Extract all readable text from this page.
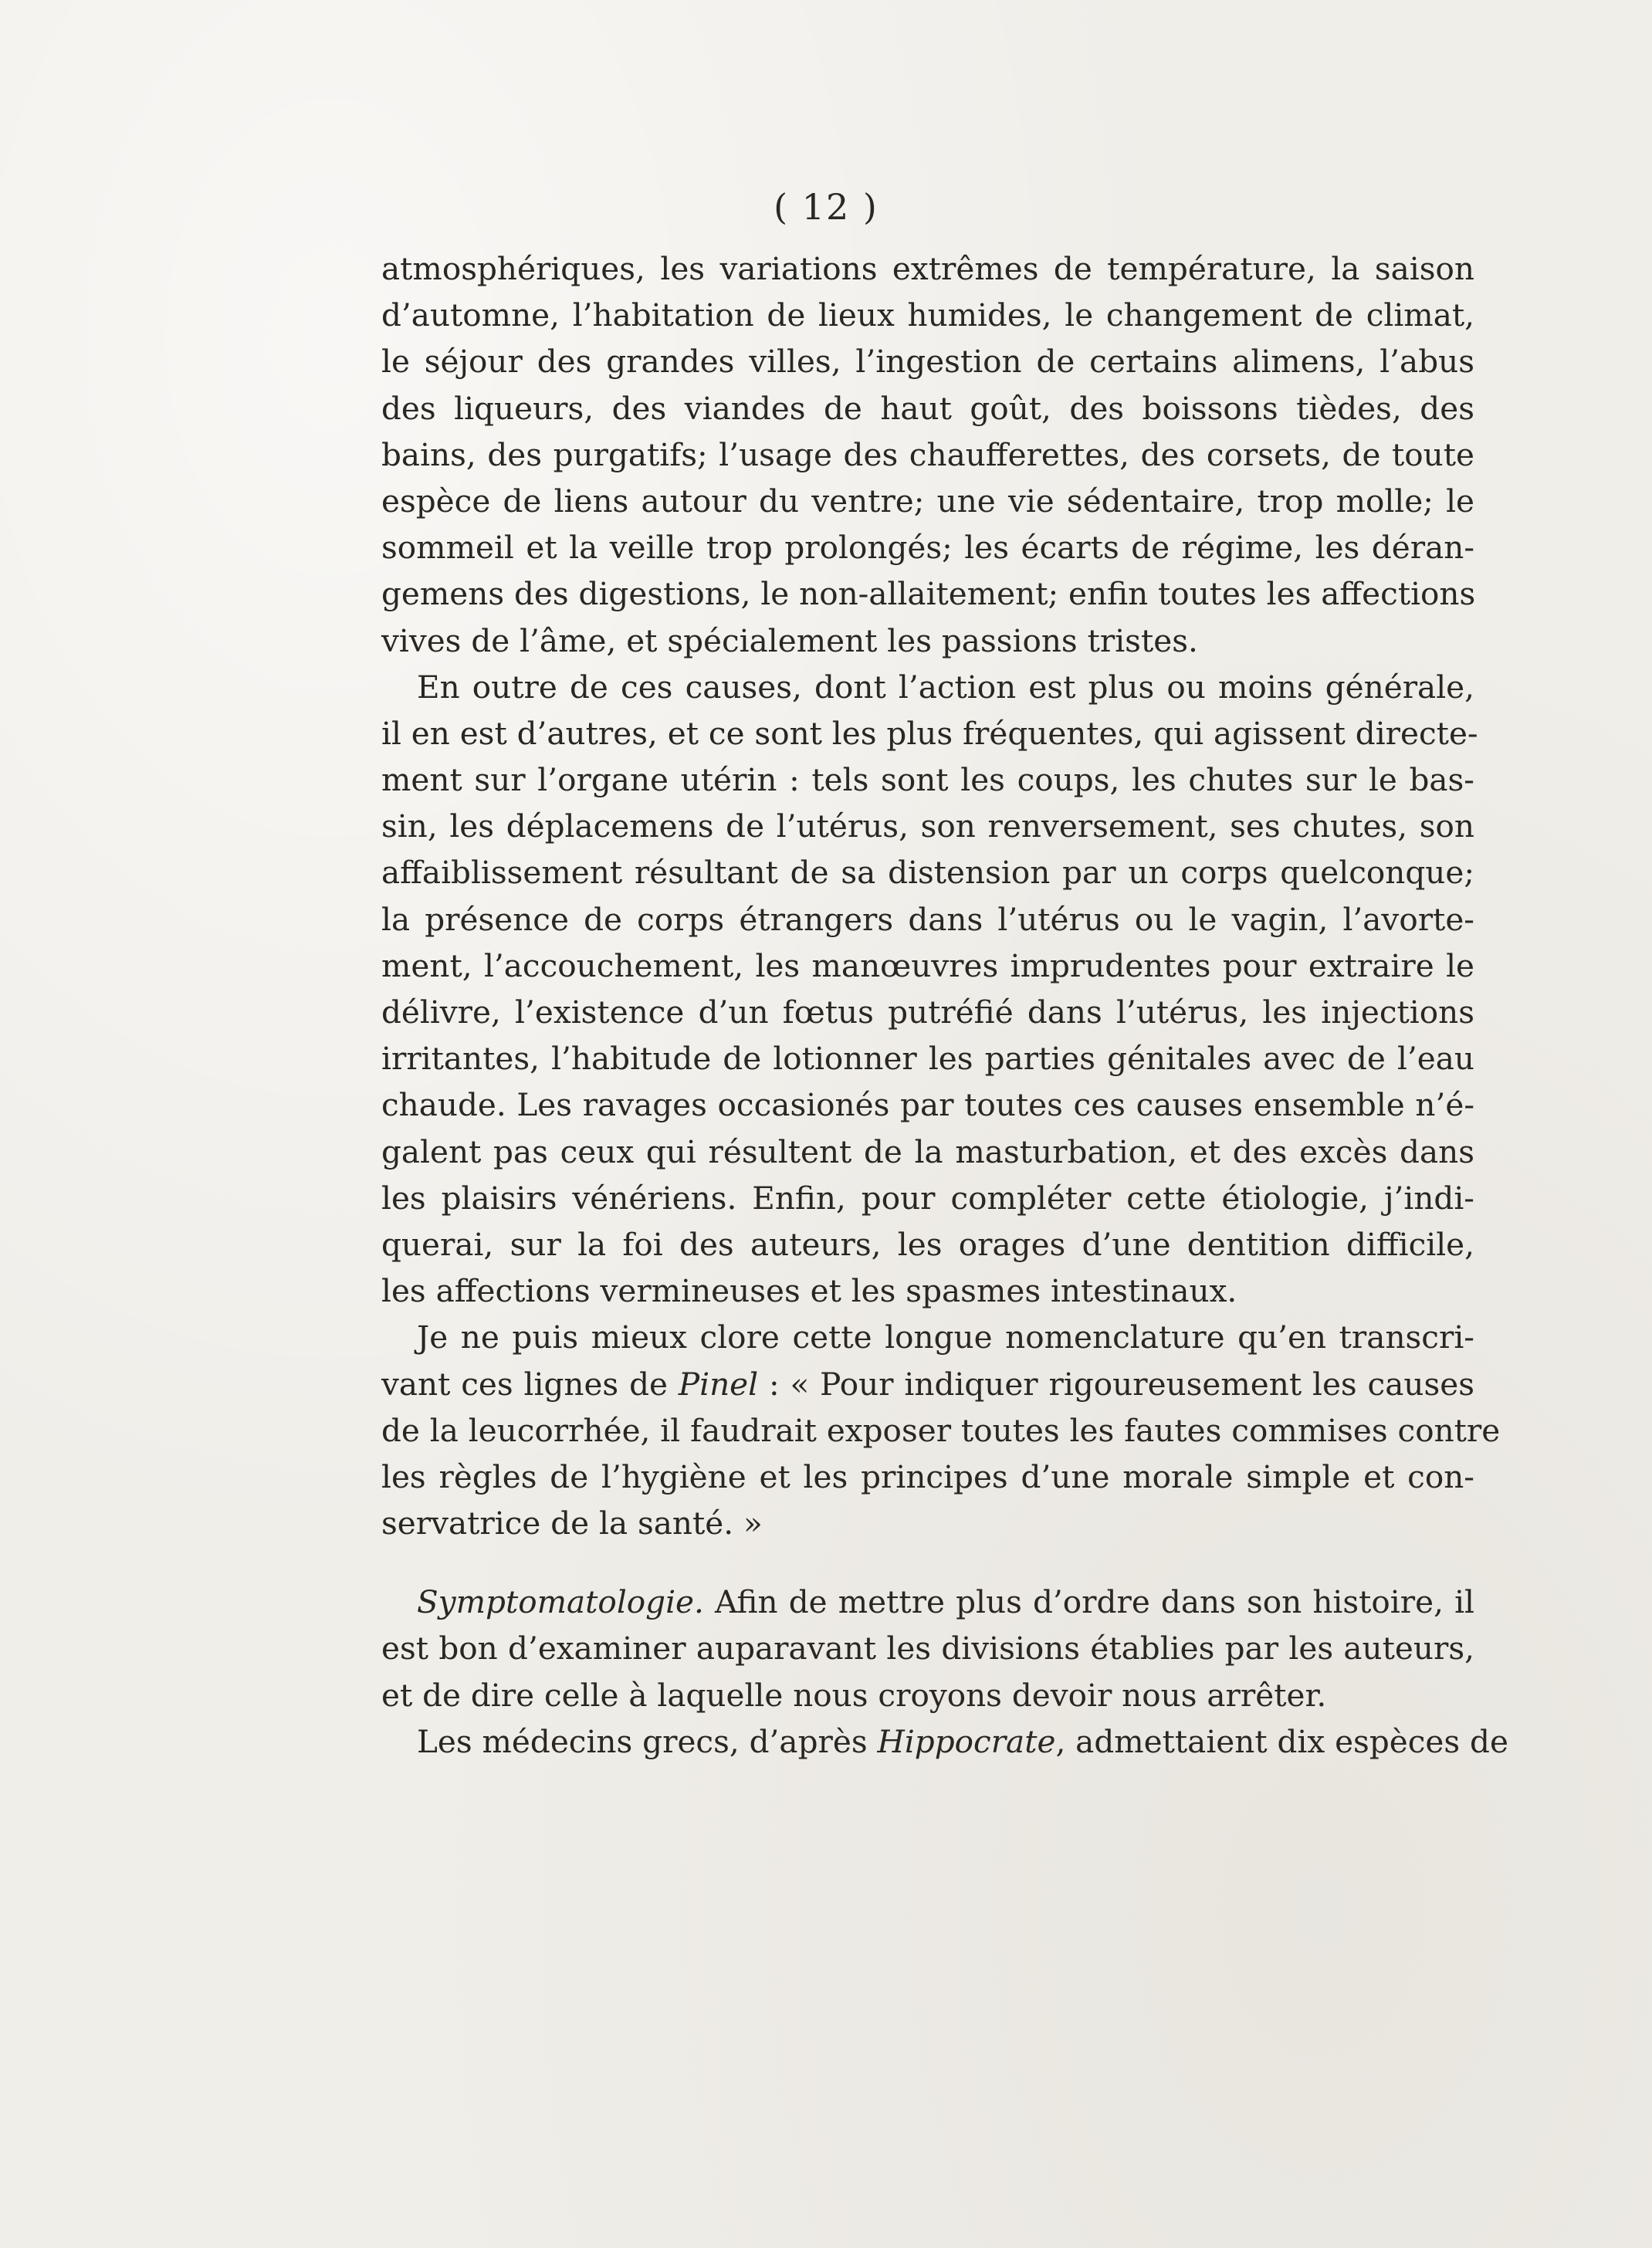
( 12 )
atmosphériques, les variations extrêmes de température, la saison
d’automne, l’habitation de lieux humides, le changement de climat,
le séjour des grandes villes, l’ingestion de certains alimens, l’abus
des liqueurs, des viandes de haut goût, des boissons tièdes, des
bains, des purgatifs; l’usage des chaufferettes, des corsets, de toute
espèce de liens autour du ventre; une vie sédentaire, trop molle; le
sommeil et la veille trop prolongés; les écarts de régime, les déran-
gemens des digestions, le non-allaitement; enfin toutes les affections
vives de l’âme, et spécialement les passions tristes.
En outre de ces causes, dont l’action est plus ou moins générale,
il en est d’autres, et ce sont les plus fréquentes, qui agissent directe-
ment sur l’organe utérin : tels sont les coups, les chutes sur le bas-
sin, les déplacemens de l’utérus, son renversement, ses chutes, son
affaiblissement résultant de sa distension par un corps quelconque;
la présence de corps étrangers dans l’utérus ou le vagin, l’avorte-
ment, l’accouchement, les manœuvres imprudentes pour extraire le
délivre, l’existence d’un fœtus putréfié dans l’utérus, les injections
irritantes, l’habitude de lotionner les parties génitales avec de l’eau
chaude. Les ravages occasionés par toutes ces causes ensemble n’é-
galent pas ceux qui résultent de la masturbation, et des excès dans
les plaisirs vénériens. Enfin, pour compléter cette étiologie, j’indi-
querai, sur la foi des auteurs, les orages d’une dentition difficile,
les affections vermineuses et les spasmes intestinaux.
Je ne puis mieux clore cette longue nomenclature qu’en transcri-
vant ces lignes de Pinel : « Pour indiquer rigoureusement les causes
de la leucorrhée, il faudrait exposer toutes les fautes commises contre
les règles de l’hygiène et les principes d’une morale simple et con-
servatrice de la santé. »
Symptomatologie. Afin de mettre plus d’ordre dans son histoire, il
est bon d’examiner auparavant les divisions établies par les auteurs,
et de dire celle à laquelle nous croyons devoir nous arrêter.
Les médecins grecs, d’après Hippocrate, admettaient dix espèces de
